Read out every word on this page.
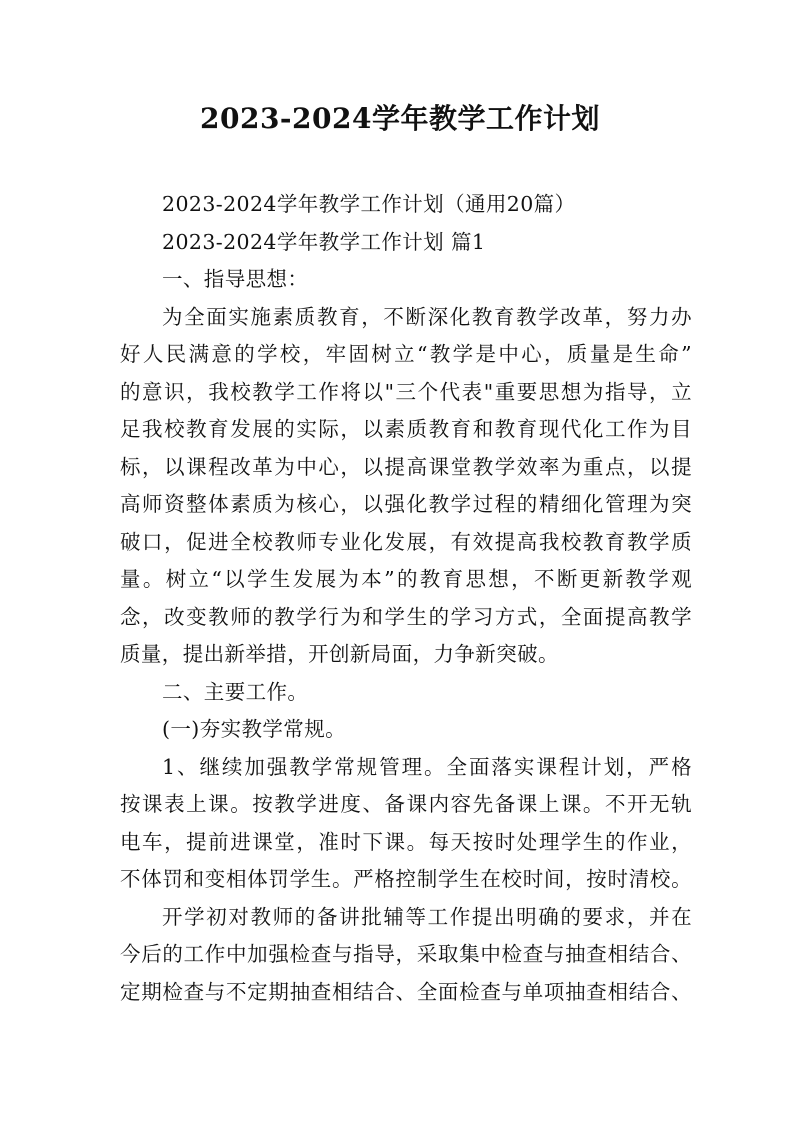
2023-2024学年教学工作计划

2023-2024学年教学工作计划（通用20篇）

2023-2024学年教学工作计划 篇1

一、指导思想：

为全面实施素质教育，不断深化教育教学改革，努力办

好人民满意的学校，牢固树立“教学是中心，质量是生命”

的意识，我校教学工作将以"三个代表"重要思想为指导，立

足我校教育发展的实际，以素质教育和教育现代化工作为目

标，以课程改革为中心，以提高课堂教学效率为重点，以提

高师资整体素质为核心，以强化教学过程的精细化管理为突

破口，促进全校教师专业化发展，有效提高我校教育教学质

量。树立“以学生发展为本”的教育思想，不断更新教学观

念，改变教师的教学行为和学生的学习方式，全面提高教学

质量，提出新举措，开创新局面，力争新突破。

二、主要工作。

(一)夯实教学常规。

1、继续加强教学常规管理。全面落实课程计划，严格

按课表上课。按教学进度、备课内容先备课上课。不开无轨

电车，提前进课堂，准时下课。每天按时处理学生的作业，

不体罚和变相体罚学生。严格控制学生在校时间，按时清校。

开学初对教师的备讲批辅等工作提出明确的要求，并在

今后的工作中加强检查与指导，采取集中检查与抽查相结合、

定期检查与不定期抽查相结合、全面检查与单项抽查相结合、
